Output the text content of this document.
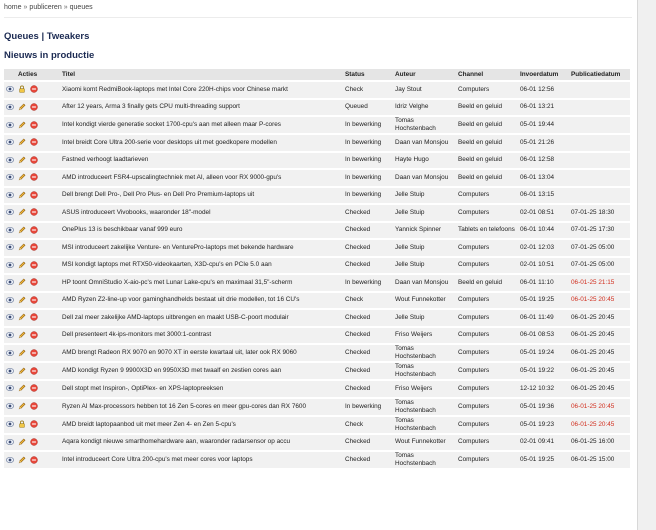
home » publiceren » queues
Queues | Tweakers
Nieuws in productie
Acties	Titel	Status	Auteur	Channel	Invoerdatum	Publicatiedatum
	Xiaomi komt RedmiBook-laptops met Intel Core 220H-chips voor Chinese markt	Check	Jay Stout	Computers	06-01 12:56	
	After 12 years, Arma 3 finally gets CPU multi-threading support	Queued	Idriz Velghe	Beeld en geluid	06-01 13:21	
	Intel kondigt vierde generatie socket 1700-cpu's aan met alleen maar P-cores	In bewerking	Tomas Hochstenbach	Beeld en geluid	05-01 19:44	
	Intel breidt Core Ultra 200-serie voor desktops uit met goedkopere modellen	In bewerking	Daan van Monsjou	Beeld en geluid	05-01 21:26	
	Fastned verhoogt laadtarieven	In bewerking	Hayte Hugo	Beeld en geluid	06-01 12:58	
	AMD introduceert FSR4-upscalingtechniek met AI, alleen voor RX 9000-gpu's	In bewerking	Daan van Monsjou	Beeld en geluid	06-01 13:04	
	Dell brengt Dell Pro-, Dell Pro Plus- en Dell Pro Premium-laptops uit	In bewerking	Jelle Stuip	Computers	06-01 13:15	
	ASUS introduceert Vivobooks, waaronder 18"-model	Checked	Jelle Stuip	Computers	02-01 08:51	07-01-25 18:30
	OnePlus 13 is beschikbaar vanaf 999 euro	Checked	Yannick Spinner	Tablets en telefoons	06-01 10:44	07-01-25 17:30
	MSI introduceert zakelijke Venture- en VenturePro-laptops met bekende hardware	Checked	Jelle Stuip	Computers	02-01 12:03	07-01-25 05:00
	MSI kondigt laptops met RTX50-videokaarten, X3D-cpu's en PCIe 5.0 aan	Checked	Jelle Stuip	Computers	02-01 10:51	07-01-25 05:00
	HP toont OmniStudio X-aio-pc's met Lunar Lake-cpu's en maximaal 31,5"-scherm	In bewerking	Daan van Monsjou	Beeld en geluid	06-01 11:10	06-01-25 21:15
	AMD Ryzen Z2-line-up voor gaminghandhelds bestaat uit drie modellen, tot 16 CU's	Check	Wout Funnekotter	Computers	05-01 19:25	06-01-25 20:45
	Dell zal meer zakelijke AMD-laptops uitbrengen en maakt USB-C-poort modulair	Checked	Jelle Stuip	Computers	06-01 11:49	06-01-25 20:45
	Dell presenteert 4k-ips-monitors met 3000:1-contrast	Checked	Friso Weijers	Computers	06-01 08:53	06-01-25 20:45
	AMD brengt Radeon RX 9070 en 9070 XT in eerste kwartaal uit, later ook RX 9060	Checked	Tomas Hochstenbach	Computers	05-01 19:24	06-01-25 20:45
	AMD kondigt Ryzen 9 9900X3D en 9950X3D met twaalf en zestien cores aan	Checked	Tomas Hochstenbach	Computers	05-01 19:22	06-01-25 20:45
	Dell stopt met Inspiron-, OptiPlex- en XPS-laptopreeksen	Checked	Friso Weijers	Computers	12-12 10:32	06-01-25 20:45
	Ryzen AI Max-processors hebben tot 16 Zen 5-cores en meer gpu-cores dan RX 7600	In bewerking	Tomas Hochstenbach	Computers	05-01 19:36	06-01-25 20:45
	AMD breidt laptopaanbod uit met meer Zen 4- en Zen 5-cpu's	Check	Tomas Hochstenbach	Computers	05-01 19:23	06-01-25 20:45
	Aqara kondigt nieuwe smarthomehardware aan, waaronder radarsensor op accu	Checked	Wout Funnekotter	Computers	02-01 09:41	06-01-25 16:00
	Intel introduceert Core Ultra 200-cpu's met meer cores voor laptops	Checked	Tomas Hochstenbach	Computers	05-01 19:25	06-01-25 15:00
